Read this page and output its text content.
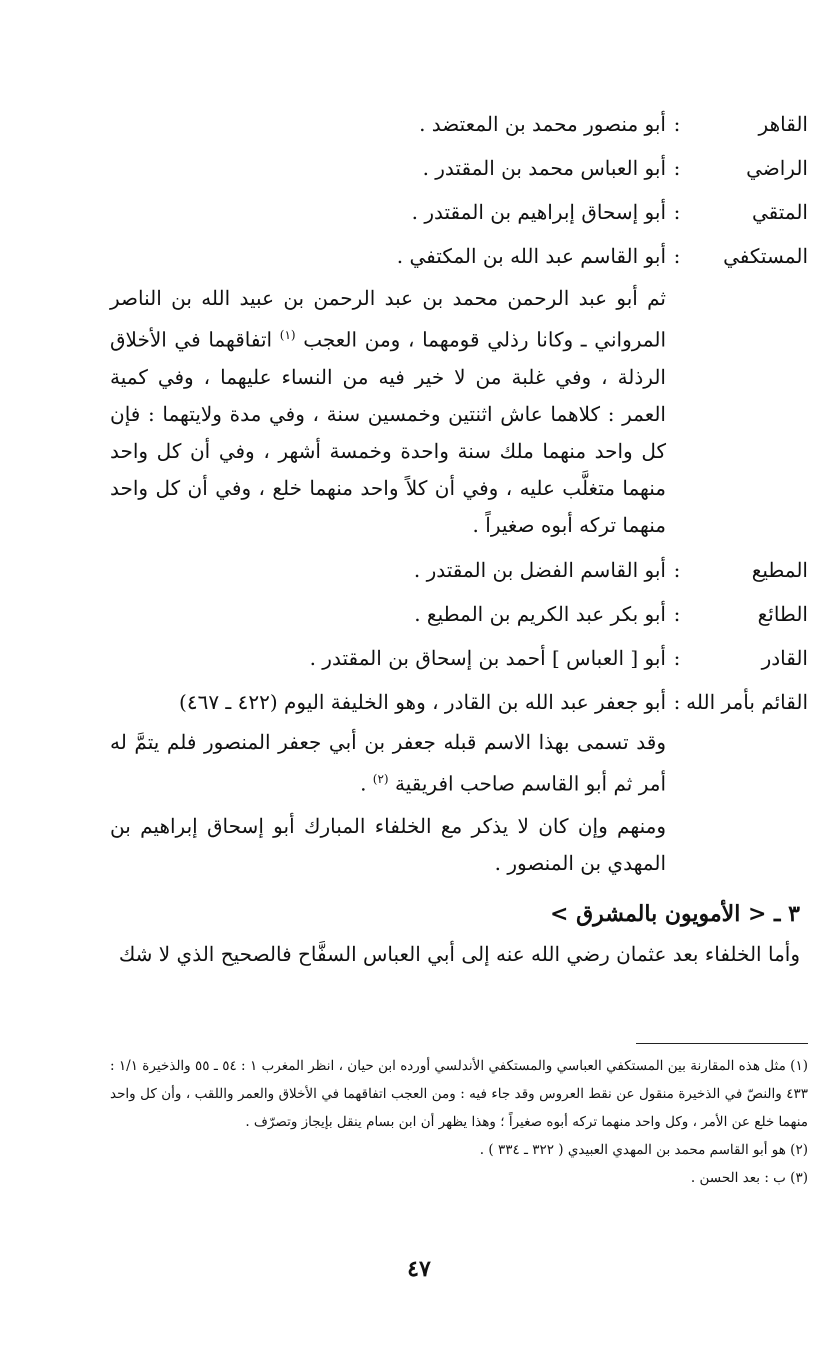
القاهر
:
أبو منصور محمد بن المعتضد .
الراضي
:
أبو العباس محمد بن المقتدر .
المتقي
:
أبو إسحاق إبراهيم بن المقتدر .
المستكفي
:
أبو القاسم عبد الله بن المكتفي .
ثم أبو عبد الرحمن محمد بن عبد الرحمن بن عبيد الله بن الناصر المرواني ـ وكانا رذلي قومهما ، ومن العجب $^{(١)}$ اتفاقهما في الأخلاق الرذلة ، وفي غلبة من لا خير فيه من النساء عليهما ، وفي كمية العمر : كلاهما عاش اثنتين وخمسين سنة ، وفي مدة ولايتهما : فإن كل واحد منهما ملك سنة واحدة وخمسة أشهر ، وفي أن كل واحد منهما متغلَّب عليه ، وفي أن كلاً واحد منهما خلع ، وفي أن كل واحد منهما تركه أبوه صغيراً .
المطيع
:
أبو القاسم الفضل بن المقتدر .
الطائع
:
أبو بكر عبد الكريم بن المطيع .
القادر
:
أبو [ العباس ] أحمد بن إسحاق بن المقتدر .
القائم بأمر الله
:
أبو جعفر عبد الله بن القادر ، وهو الخليفة اليوم (٤٢٢ ـ ٤٦٧)
وقد تسمى بهذا الاسم قبله جعفر بن أبي جعفر المنصور فلم يتمَّ له أمر ثم أبو القاسم صاحب افريقية $^{(٢)}$ .
ومنهم وإن كان لا يذكر مع الخلفاء المبارك أبو إسحاق إبراهيم بن المهدي بن المنصور .
٣ ـ < الأمويون بالمشرق >
وأما الخلفاء بعد عثمان رضي الله عنه إلى أبي العباس السفَّاح فالصحيح الذي لا شك
(١) مثل هذه المقارنة بين المستكفي العباسي والمستكفي الأندلسي أورده ابن حيان ، انظر المغرب ١ : ٥٤ ـ ٥٥ والذخيرة ١/١ : ٤٣٣ والنصّ في الذخيرة منقول عن نقط العروس وقد جاء فيه : ومن العجب اتفاقهما في الأخلاق والعمر واللقب ، وأن كل واحد منهما خلع عن الأمر ، وكل واحد منهما تركه أبوه صغيراً ؛ وهذا يظهر أن ابن بسام ينقل بإيجاز وتصرّف .
(٢) هو أبو القاسم محمد بن المهدي العبيدي ( ٣٢٢ ـ ٣٣٤ ) .
(٣) ب : بعد الحسن .
٤٧
